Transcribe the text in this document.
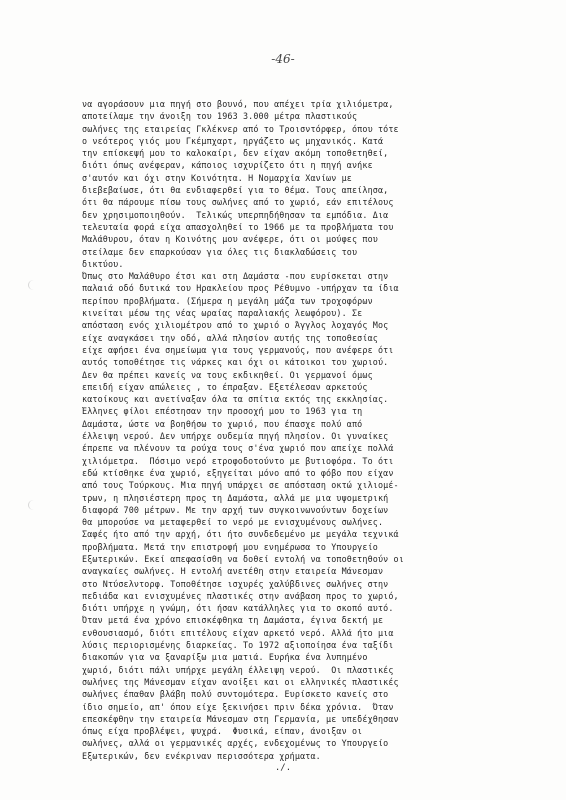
-46-
να αγοράσουν μια πηγή στο βουνό, που απέχει τρία χιλιόμετρα,
αποτείλαμε την άνοιξη του 1963 3.000 μέτρα πλαστικούς
σωλήνες της εταιρείας Γκλέκνερ από το Τροισντόρφερ, όπου τότε
ο νεότερος γιός μου Γκέμπχαρτ, ηργάζετο ως μηχανικός. Κατά
την επίσκεψή μου το καλοκαίρι, δεν είχαν ακόμη τοποθετηθεί,
διότι όπως ανέφεραν, κάποιος ισχυρίζετο ότι η πηγή ανήκε
σ'αυτόν και όχι στην Κοινότητα. Η Νομαρχία Χανίων με
διεβεβαίωσε, ότι θα ενδιαφερθεί για το θέμα. Τους απείλησα,
ότι θα πάρουμε πίσω τους σωλήνες από το χωριό, εάν επιτέλους
δεν χρησιμοποιηθούν.  Τελικώς υπερπηδήθησαν τα εμπόδια. Δια
τελευταία φορά είχα απασχοληθεί το 1966 με τα προβλήματα του
Μαλάθυρου, όταν η Κοινότης μου ανέφερε, ότι οι μούφες που
στείλαμε δεν επαρκούσαν για όλες τις διακλαδώσεις του
δικτύου.
Όπως στο Μαλάθυρο έτσι και στη Δαμάστα -που ευρίσκεται στην
παλαιά οδό δυτικά του Ηρακλείου προς Ρέθυμνο -υπήρχαν τα ίδια
περίπου προβλήματα. (Σήμερα η μεγάλη μάζα των τροχοφόρων
κινείται μέσω της νέας ωραίας παραλιακής λεωφόρου). Σε
απόσταση ενός χιλιομέτρου από το χωριό ο Άγγλος λοχαγός Μος
είχε αναγκάσει την οδό, αλλά πλησίον αυτής της τοποθεσίας
είχε αφήσει ένα σημείωμα για τους γερμανούς, που ανέφερε ότι
αυτός τοποθέτησε τις νάρκες και όχι οι κάτοικοι του χωριού.
Δεν θα πρέπει κανείς να τους εκδικηθεί. Οι γερμανοί όμως
επειδή είχαν απώλειες , το έπραξαν. Εξετέλεσαν αρκετούς
κατοίκους και ανετίναξαν όλα τα σπίτια εκτός της εκκλησίας.
Έλληνες φίλοι επέστησαν την προσοχή μου το 1963 για τη
Δαμάστα, ώστε να βοηθήσω το χωριό, που έπασχε πολύ από
έλλειψη νερού. Δεν υπήρχε ουδεμία πηγή πλησίον. Οι γυναίκες
έπρεπε να πλένουν τα ρούχα τους σ'ένα χωριό που απείχε πολλά
χιλιόμετρα.  Πόσιμο νερό ετροφοδοτούντο με βυτιοφόρα. Το ότι
εδώ κτίσθηκε ένα χωριό, εξηγείται μόνο από το φόβο που είχαν
από τους Τούρκους. Μια πηγή υπάρχει σε απόσταση οκτώ χιλιομέ-
τρων, η πλησιέστερη προς τη Δαμάστα, αλλά με μια υψομετρική
διαφορά 700 μέτρων. Με την αρχή των συγκοινωνούντων δοχείων
θα μπορούσε να μεταφερθεί το νερό με ενισχυμένους σωλήνες.
Σαφές ήτο από την αρχή, ότι ήτο συνδεδεμένο με μεγάλα τεχνικά
προβλήματα. Μετά την επιστροφή μου ενημέρωσα το Υπουργείο
Εξωτερικών. Εκεί απεφασίσθη να δοθεί εντολή να τοποθετηθούν οι
αναγκαίες σωλήνες. Η εντολή ανετέθη στην εταιρεία Μάνεσμαν
στο Ντύσελντορφ. Τοποθέτησε ισχυρές χαλύβδινες σωλήνες στην
πεδιάδα και ενισχυμένες πλαστικές στην ανάβαση προς το χωριό,
διότι υπήρχε η γνώμη, ότι ήσαν κατάλληλες για το σκοπό αυτό.
Όταν μετά ένα χρόνο επισκέφθηκα τη Δαμάστα, έγινα δεκτή με
ενθουσιασμό, διότι επιτέλους είχαν αρκετό νερό. Αλλά ήτο μια
λύσις περιορισμένης διαρκείας. Το 1972 αξιοποίησα ένα ταξίδι
διακοπών για να ξαναρίξω μια ματιά. Ευρήκα ένα λυπημένο
χωριό, διότι πάλι υπήρχε μεγάλη έλλειψη νερού.  Οι πλαστικές
σωλήνες της Μάνεσμαν είχαν ανοίξει και οι ελληνικές πλαστικές
σωλήνες έπαθαν βλάβη πολύ συντομότερα. Ευρίσκετο κανείς στο
ίδιο σημείο, απ' όπου είχε ξεκινήσει πριν δέκα χρόνια.  Όταν
επεσκέφθην την εταιρεία Μάνεσμαν στη Γερμανία, με υπεδέχθησαν
όπως είχα προβλέψει, ψυχρά.  Φυσικά, είπαν, άνοιξαν οι
σωλήνες, αλλά οι γερμανικές αρχές, ενδεχομένως το Υπουργείο
Εξωτερικών, δεν ενέκριναν περισσότερα χρήματα.
./.
